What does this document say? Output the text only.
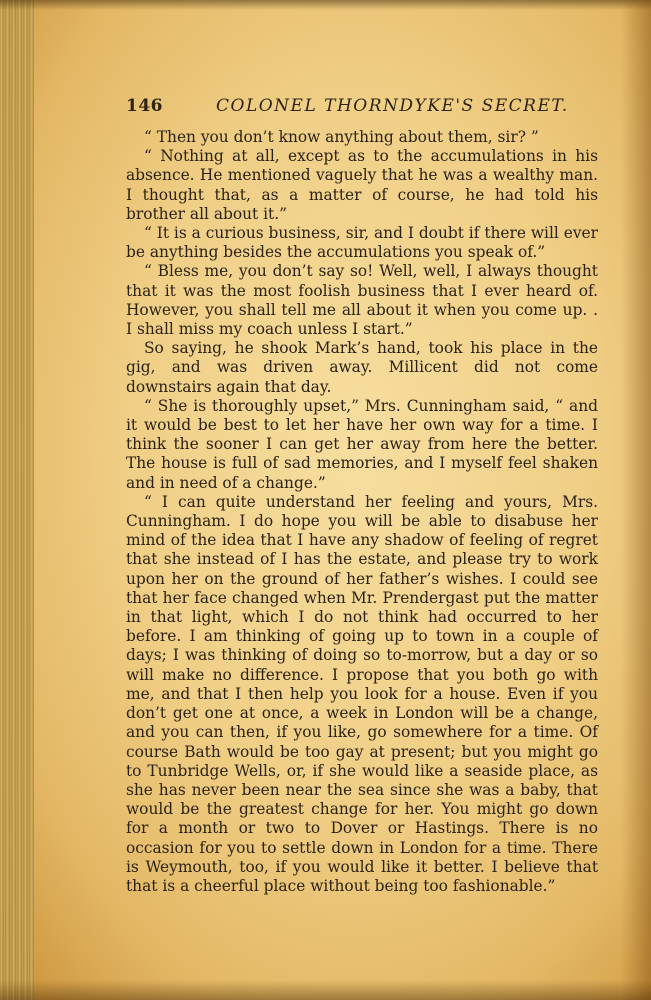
146	COLONEL THORNDYKE'S SECRET.

“ Then you don’t know anything about them, sir? ”

“ Nothing at all, except as to the accumulations in his absence. He mentioned vaguely that he was a wealthy man. I thought that, as a matter of course, he had told his brother all about it.”

“ It is a curious business, sir, and I doubt if there will ever be anything besides the accumulations you speak of.”

“ Bless me, you don’t say so! Well, well, I always thought that it was the most foolish business that I ever heard of. However, you shall tell me all about it when you come up. . I shall miss my coach unless I start.”

So saying, he shook Mark’s hand, took his place in the gig, and was driven away. Millicent did not come downstairs again that day.

“ She is thoroughly upset,” Mrs. Cunningham said, “ and it would be best to let her have her own way for a time. I think the sooner I can get her away from here the better. The house is full of sad memories, and I myself feel shaken and in need of a change.”

“ I can quite understand her feeling and yours, Mrs. Cunningham. I do hope you will be able to disabuse her mind of the idea that I have any shadow of feeling of regret that she instead of I has the estate, and please try to work upon her on the ground of her father’s wishes. I could see that her face changed when Mr. Prendergast put the matter in that light, which I do not think had occurred to her before. I am thinking of going up to town in a couple of days; I was thinking of doing so to-morrow, but a day or so will make no difference. I propose that you both go with me, and that I then help you look for a house. Even if you don’t get one at once, a week in London will be a change, and you can then, if you like, go somewhere for a time. Of course Bath would be too gay at present; but you might go to Tunbridge Wells, or, if she would like a seaside place, as she has never been near the sea since she was a baby, that would be the greatest change for her. You might go down for a month or two to Dover or Hastings. There is no occasion for you to settle down in London for a time. There is Weymouth, too, if you would like it better. I believe that that is a cheerful place without being too fashionable.”
